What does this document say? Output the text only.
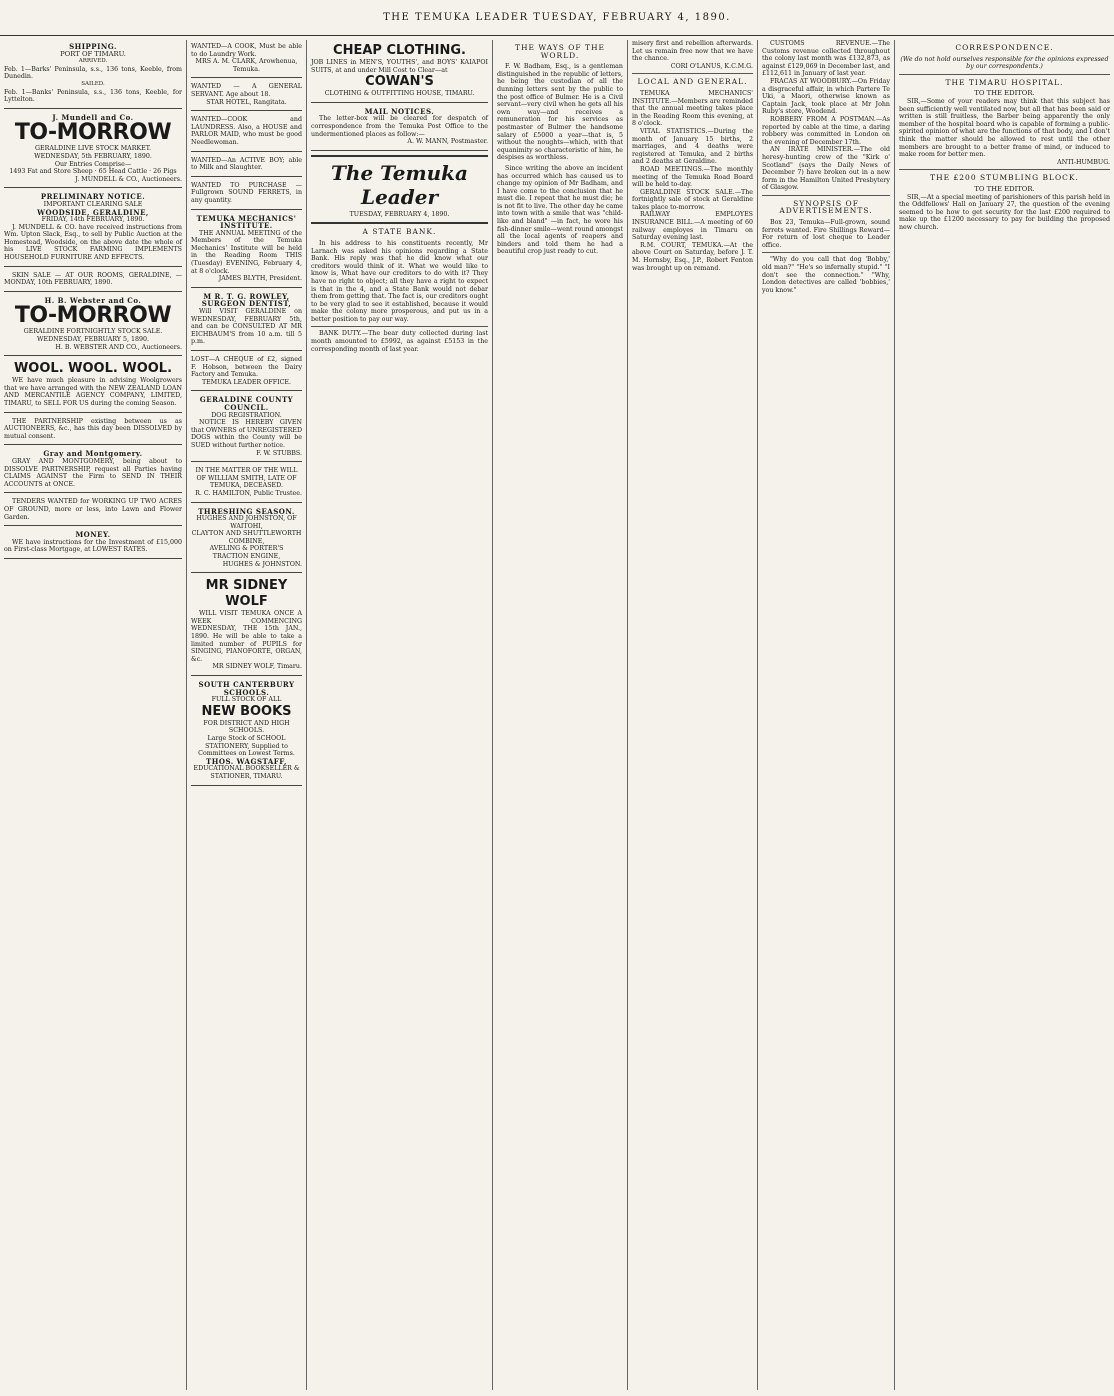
THE TEMUKA LEADER TUESDAY, FEBRUARY 4, 1890.
SHIPPING.
PORT OF TIMARU.
ARRIVED.
Feb. 1—Barks' Peninsula, s.s., 136 tons, Keeble, from Dunedin.
SAILED.
Feb. 1—Banks' Peninsula, s.s., 136 tons, Keeble, for Lyttelton.
J. Mundell and Co.
TO-MORROW
GERALDINE LIVE STOCK MARKET.
WEDNESDAY, 5th FEBRUARY, 1890.
Our Entries Comprise—
1493 Fat and Store Sheep · 65 Head Cattle · 26 Pigs
J. MUNDELL & CO., Auctioneers.
PRELIMINARY NOTICE.
IMPORTANT CLEARING SALE
WOODSIDE, GERALDINE,
FRIDAY, 14th FEBRUARY, 1890.
J. MUNDELL & CO. have received instructions from Wm. Upton Slack, Esq., to sell by Public Auction at the Homestead, Woodside, on the above date the whole of his LIVE STOCK FARMING IMPLEMENTS HOUSEHOLD FURNITURE AND EFFECTS.
SKIN SALE — AT OUR ROOMS, GERALDINE, — MONDAY, 10th FEBRUARY, 1890.
H. B. Webster and Co.
TO-MORROW
GERALDINE FORTNIGHTLY STOCK SALE.
WEDNESDAY, FEBRUARY 5, 1890.
H. B. WEBSTER AND CO., Auctioneers.
WOOL. WOOL. WOOL.
WE have much pleasure in advising Woolgrowers that we have arranged with the NEW ZEALAND LOAN AND MERCANTILE AGENCY COMPANY, LIMITED, TIMARU, to SELL FOR US during the coming Season.
THE PARTNERSHIP existing between us as AUCTIONEERS, &c., has this day been DISSOLVED by mutual consent.
Gray and Montgomery.
GRAY AND MONTGOMERY, being about to DISSOLVE PARTNERSHIP, request all Parties having CLAIMS AGAINST the Firm to SEND IN THEIR ACCOUNTS at ONCE.
TENDERS WANTED for WORKING UP TWO ACRES OF GROUND, more or less, into Lawn and Flower Garden.
MONEY.
WE have instructions for the Investment of £15,000 on First-class Mortgage, at LOWEST RATES.
WANTED—A COOK, Must be able to do Laundry Work.
MRS A. M. CLARK, Arowhenua, Temuka.
WANTED — A GENERAL SERVANT. Age about 18.
STAR HOTEL, Rangitata.
WANTED—COOK and LAUNDRESS. Also, a HOUSE and PARLOR MAID, who must be good Needlewoman.
WANTED—An ACTIVE BOY; able to Milk and Slaughter.
WANTED TO PURCHASE — Fullgrown SOUND FERRETS, in any quantity.
TEMUKA MECHANICS' INSTITUTE.
THE ANNUAL MEETING of the Members of the Temuka Mechanics' Institute will be held in the Reading Room THIS (Tuesday) EVENING, February 4, at 8 o'clock.
JAMES BLYTH, President.
M R. T. G. ROWLEY, SURGEON DENTIST,
Will VISIT GERALDINE on WEDNESDAY, FEBRUARY 5th, and can be CONSULTED AT MR EICHBAUM'S from 10 a.m. till 5 p.m.
LOST—A CHEQUE of £2, signed F. Hobson, between the Dairy Factory and Temuka.
TEMUKA LEADER OFFICE.
GERALDINE COUNTY COUNCIL.
DOG REGISTRATION.
NOTICE IS HEREBY GIVEN that OWNERS of UNREGISTERED DOGS within the County will be SUED without further notice.
F. W. STUBBS.
IN THE MATTER OF THE WILL OF WILLIAM SMITH, LATE OF TEMUKA, DECEASED.
R. C. HAMILTON, Public Trustee.
THRESHING SEASON.
HUGHES AND JOHNSTON, OF WAITOHI,
CLAYTON AND SHUTTLEWORTH COMBINE,
AVELING & PORTER'S TRACTION ENGINE,
HUGHES & JOHNSTON.
MR SIDNEY WOLF
WILL VISIT TEMUKA ONCE A WEEK COMMENCING WEDNESDAY, THE 15th JAN., 1890. He will be able to take a limited number of PUPILS for SINGING, PIANOFORTE, ORGAN, &c.
MR SIDNEY WOLF, Timaru.
SOUTH CANTERBURY SCHOOLS.
FULL STOCK OF ALL
NEW BOOKS
FOR DISTRICT AND HIGH SCHOOLS.
Large Stock of SCHOOL STATIONERY, Supplied to Committees on Lowest Terms.
THOS. WAGSTAFF,
EDUCATIONAL BOOKSELLER & STATIONER, TIMARU.
CHEAP CLOTHING.
JOB LINES in MEN'S, YOUTHS', and BOYS' KAIAPOI SUITS, at and under Mill Cost to Clear—at
COWAN'S
CLOTHING & OUTFITTING HOUSE, TIMARU.
MAIL NOTICES.
The letter-box will be cleared for despatch of correspondence from the Temuka Post Office to the undermentioned places as follow:—
A. W. MANN, Postmaster.
The Temuka Leader
TUESDAY, FEBRUARY 4, 1890.
A STATE BANK.
In his address to his constituents recently, Mr Larnach was asked his opinions regarding a State Bank. His reply was that he did know what our creditors would think of it. What we would like to know is, What have our creditors to do with it? They have no right to object; all they have a right to expect is that in the 4, and a State Bank would not debar them from getting that. The fact is, our creditors ought to be very glad to see it established, because it would make the colony more prosperous, and put us in a better position to pay our way.
BANK DUTY.—The bear duty collected during last month amounted to £5992, as against £5153 in the corresponding month of last year.
THE WAYS OF THE WORLD.
F. W. Badham, Esq., is a gentleman distinguished in the republic of letters, he being the custodian of all the dunning letters sent by the public to the post office of Bulmer. He is a Civil servant—very civil when he gets all his own way—and receives a remuneration for his services as postmaster of Bulmer the handsome salary of £5000 a year—that is, 5 without the noughts—which, with that equanimity so characteristic of him, he despises as worthless.
Since writing the above an incident has occurred which has caused us to change my opinion of Mr Badham, and I have come to the conclusion that he must die. I repeat that he must die; he is not fit to live. The other day he came into town with a smile that was "child-like and bland" —in fact, he wore his fish-dinner smile—went round amongst all the local agents of reapers and binders and told them he had a beautiful crop just ready to cut.
misery first and rebellion afterwards. Let us remain free now that we have the chance.
CORI O'LANUS, K.C.M.G.
LOCAL AND GENERAL.
TEMUKA MECHANICS' INSTITUTE.—Members are reminded that the annual meeting takes place in the Reading Room this evening, at 8 o'clock.
VITAL STATISTICS.—During the month of January 15 births, 2 marriages, and 4 deaths were registered at Temuka, and 2 births and 2 deaths at Geraldine.
ROAD MEETINGS.—The monthly meeting of the Temuka Road Board will be held to-day.
GERALDINE STOCK SALE.—The fortnightly sale of stock at Geraldine takes place to-morrow.
RAILWAY EMPLOYES INSURANCE BILL.—A meeting of 60 railway employes in Timaru on Saturday evening last.
R.M. COURT, TEMUKA.—At the above Court on Saturday, before J. T. M. Hornsby, Esq., J.P., Robert Fenton was brought up on remand.
CUSTOMS REVENUE.—The Customs revenue collected throughout the colony last month was £132,873, as against £129,069 in December last, and £112,611 in January of last year.
FRACAS AT WOODBURY.—On Friday a disgraceful affair, in which Partere Te Uki, a Maori, otherwise known as Captain Jack, took place at Mr John Ruby's store, Woodend.
ROBBERY FROM A POSTMAN.—As reported by cable at the time, a daring robbery was committed in London on the evening of December 17th.
AN IRATE MINISTER.—The old heresy-hunting crew of the "Kirk o' Scotland" (says the Daily News of December 7) have broken out in a new form in the Hamilton United Presbytery of Glasgow.
SYNOPSIS OF ADVERTISEMENTS.
Box 23, Temuka—Full-grown, sound ferrets wanted. Fire Shillings Reward—For return of lost cheque to Leader office.
"Why do you call that dog 'Bobby,' old man?" "He's so infernally stupid." "I don't see the connection." "Why, London detectives are called 'bobbies,' you know."
CORRESPONDENCE.
(We do not hold ourselves responsible for the opinions expressed by our correspondents.)
THE TIMARU HOSPITAL.
TO THE EDITOR.
SIR,—Some of your readers may think that this subject has been sufficiently well ventilated now, but all that has been said or written is still fruitless, the Barber being apparently the only member of the hospital board who is capable of forming a public-spirited opinion of what are the functions of that body, and I don't think the matter should be allowed to rest until the other members are brought to a better frame of mind, or induced to make room for better men.
ANTI-HUMBUG.
THE £200 STUMBLING BLOCK.
TO THE EDITOR.
SIR,—At a special meeting of parishioners of this parish held in the Oddfellows' Hall on January 27, the question of the evening seemed to be how to get security for the last £200 required to make up the £1200 necessary to pay for building the proposed new church.
